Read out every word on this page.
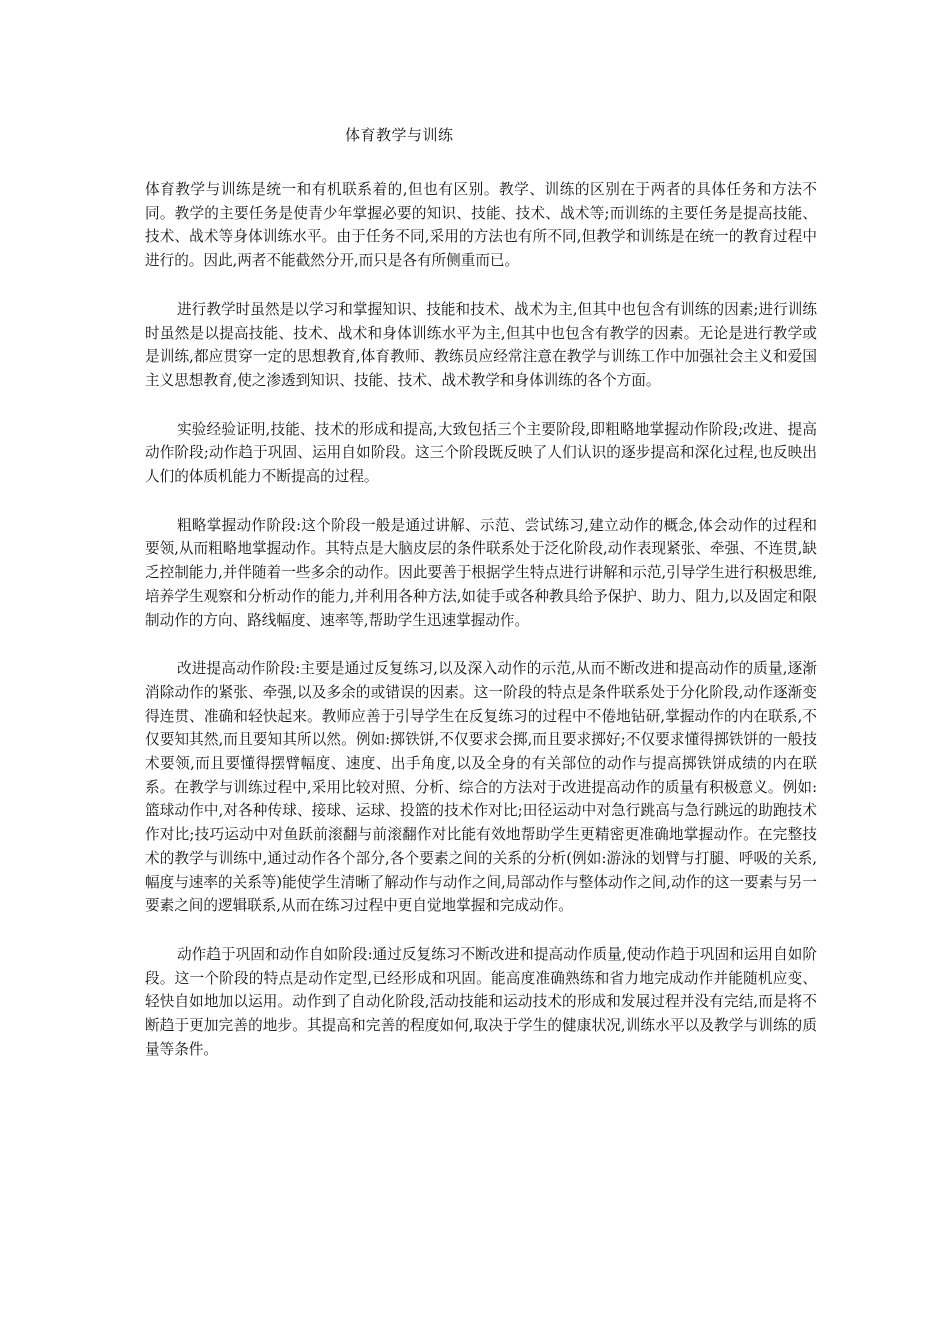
体育教学与训练

体育教学与训练是统一和有机联系着的,但也有区别。教学、训练的区别在于两者的具体任务和方法不同。教学的主要任务是使青少年掌握必要的知识、技能、技术、战术等;而训练的主要任务是提高技能、技术、战术等身体训练水平。由于任务不同,采用的方法也有所不同,但教学和训练是在统一的教育过程中进行的。因此,两者不能截然分开,而只是各有所侧重而已。

进行教学时虽然是以学习和掌握知识、技能和技术、战术为主,但其中也包含有训练的因素;进行训练时虽然是以提高技能、技术、战术和身体训练水平为主,但其中也包含有教学的因素。无论是进行教学或是训练,都应贯穿一定的思想教育,体育教师、教练员应经常注意在教学与训练工作中加强社会主义和爱国主义思想教育,使之渗透到知识、技能、技术、战术教学和身体训练的各个方面。

实验经验证明,技能、技术的形成和提高,大致包括三个主要阶段,即粗略地掌握动作阶段;改进、提高动作阶段;动作趋于巩固、运用自如阶段。这三个阶段既反映了人们认识的逐步提高和深化过程,也反映出人们的体质机能力不断提高的过程。

粗略掌握动作阶段:这个阶段一般是通过讲解、示范、尝试练习,建立动作的概念,体会动作的过程和要领,从而粗略地掌握动作。其特点是大脑皮层的条件联系处于泛化阶段,动作表现紧张、牵强、不连贯,缺乏控制能力,并伴随着一些多余的动作。因此要善于根据学生特点进行讲解和示范,引导学生进行积极思维,培养学生观察和分析动作的能力,并利用各种方法,如徒手或各种教具给予保护、助力、阻力,以及固定和限制动作的方向、路线幅度、速率等,帮助学生迅速掌握动作。

改进提高动作阶段:主要是通过反复练习,以及深入动作的示范,从而不断改进和提高动作的质量,逐渐消除动作的紧张、牵强,以及多余的或错误的因素。这一阶段的特点是条件联系处于分化阶段,动作逐渐变得连贯、准确和轻快起来。教师应善于引导学生在反复练习的过程中不倦地钻研,掌握动作的内在联系,不仅要知其然,而且要知其所以然。例如:掷铁饼,不仅要求会掷,而且要求掷好;不仅要求懂得掷铁饼的一般技术要领,而且要懂得摆臂幅度、速度、出手角度,以及全身的有关部位的动作与提高掷铁饼成绩的内在联系。在教学与训练过程中,采用比较对照、分析、综合的方法对于改进提高动作的质量有积极意义。例如:篮球动作中,对各种传球、接球、运球、投篮的技术作对比;田径运动中对急行跳高与急行跳远的助跑技术作对比;技巧运动中对鱼跃前滚翻与前滚翻作对比能有效地帮助学生更精密更准确地掌握动作。在完整技术的教学与训练中,通过动作各个部分,各个要素之间的关系的分析(例如:游泳的划臂与打腿、呼吸的关系,幅度与速率的关系等)能使学生清晰了解动作与动作之间,局部动作与整体动作之间,动作的这一要素与另一要素之间的逻辑联系,从而在练习过程中更自觉地掌握和完成动作。

动作趋于巩固和动作自如阶段:通过反复练习不断改进和提高动作质量,使动作趋于巩固和运用自如阶段。这一个阶段的特点是动作定型,已经形成和巩固。能高度准确熟练和省力地完成动作并能随机应变、轻快自如地加以运用。动作到了自动化阶段,活动技能和运动技术的形成和发展过程并没有完结,而是将不断趋于更加完善的地步。其提高和完善的程度如何,取决于学生的健康状况,训练水平以及教学与训练的质量等条件。
